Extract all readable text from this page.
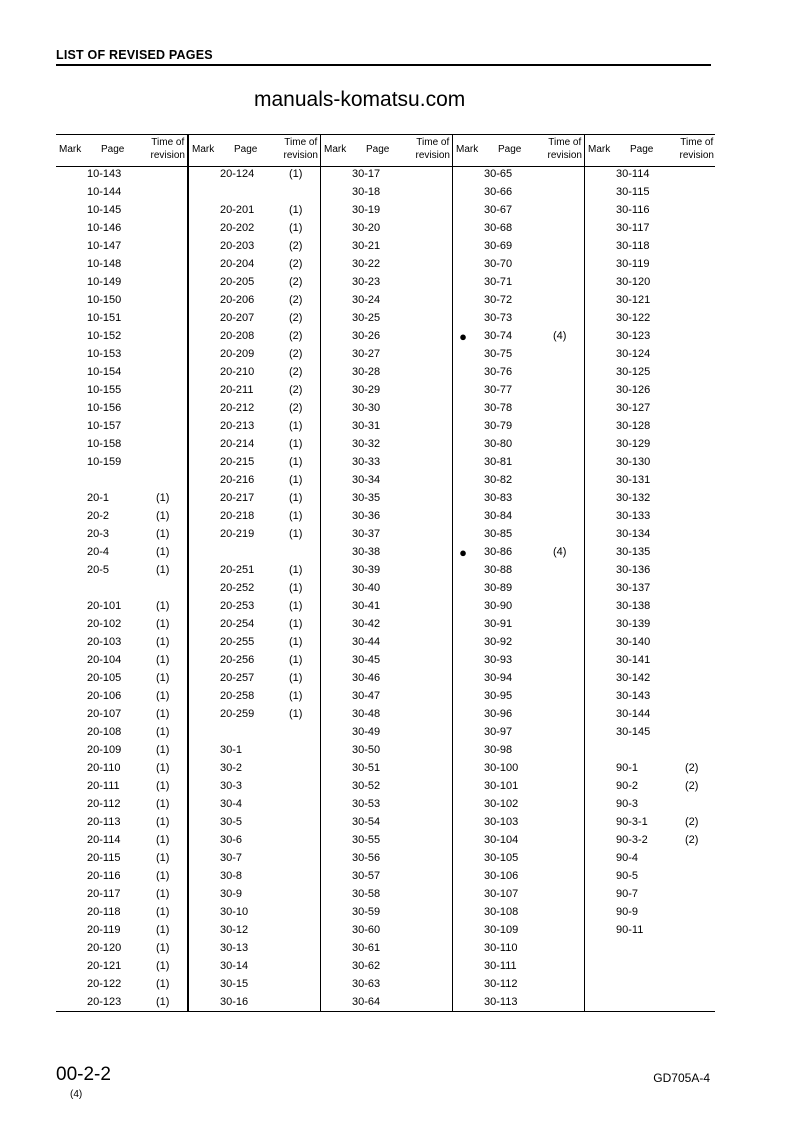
LIST OF REVISED PAGES
manuals-komatsu.com
Mark Page
Time of
revision
10-143
10-144
10-145
10-146
10-147
10-148
10-149
10-150
10-151
10-152
10-153
10-154
10-155
10-156
10-157
10-158
10-159
20-1	(1)
20-2	(1)
20-3	(1)
20-4	(1)
20-5	(1)
20-101	(1)
20-102	(1)
20-103	(1)
20-104	(1)
20-105	(1)
20-106	(1)
20-107	(1)
20-108	(1)
20-109	(1)
20-110	(1)
20-111	(1)
20-112	(1)
20-113	(1)
20-114	(1)
20-115	(1)
20-116	(1)
20-117	(1)
20-118	(1)
20-119	(1)
20-120	(1)
20-121	(1)
20-122	(1)
20-123	(1)
Mark Page
Time of
revision
20-124	(1)
20-201	(1)
20-202	(1)
20-203	(2)
20-204	(2)
20-205	(2)
20-206	(2)
20-207	(2)
20-208	(2)
20-209	(2)
20-210	(2)
20-211	(2)
20-212	(2)
20-213	(1)
20-214	(1)
20-215	(1)
20-216	(1)
20-217	(1)
20-218	(1)
20-219	(1)
20-251	(1)
20-252	(1)
20-253	(1)
20-254	(1)
20-255	(1)
20-256	(1)
20-257	(1)
20-258	(1)
20-259	(1)
30-1
30-2
30-3
30-4
30-5
30-6
30-7
30-8
30-9
30-10
30-12
30-13
30-14
30-15
30-16
Mark Page
Time of
revision
30-17
30-18
30-19
30-20
30-21
30-22
30-23
30-24
30-25
30-26
30-27
30-28
30-29
30-30
30-31
30-32
30-33
30-34
30-35
30-36
30-37
30-38
30-39
30-40
30-41
30-42
30-44
30-45
30-46
30-47
30-48
30-49
30-50
30-51
30-52
30-53
30-54
30-55
30-56
30-57
30-58
30-59
30-60
30-61
30-62
30-63
30-64
Mark Page
Time of
revision
30-65
30-66
30-67
30-68
30-69
30-70
30-71
30-72
30-73
●	30-74	(4)
30-75
30-76
30-77
30-78
30-79
30-80
30-81
30-82
30-83
30-84
30-85
●	30-86	(4)
30-88
30-89
30-90
30-91
30-92
30-93
30-94
30-95
30-96
30-97
30-98
30-100
30-101
30-102
30-103
30-104
30-105
30-106
30-107
30-108
30-109
30-110
30-111
30-112
30-113
Mark Page
Time of
revision
30-114
30-115
30-116
30-117
30-118
30-119
30-120
30-121
30-122
30-123
30-124
30-125
30-126
30-127
30-128
30-129
30-130
30-131
30-132
30-133
30-134
30-135
30-136
30-137
30-138
30-139
30-140
30-141
30-142
30-143
30-144
30-145
90-1	(2)
90-2	(2)
90-3
90-3-1	(2)
90-3-2	(2)
90-4
90-5
90-7
90-9
90-11
00-2-2
(4)
GD705A-4
